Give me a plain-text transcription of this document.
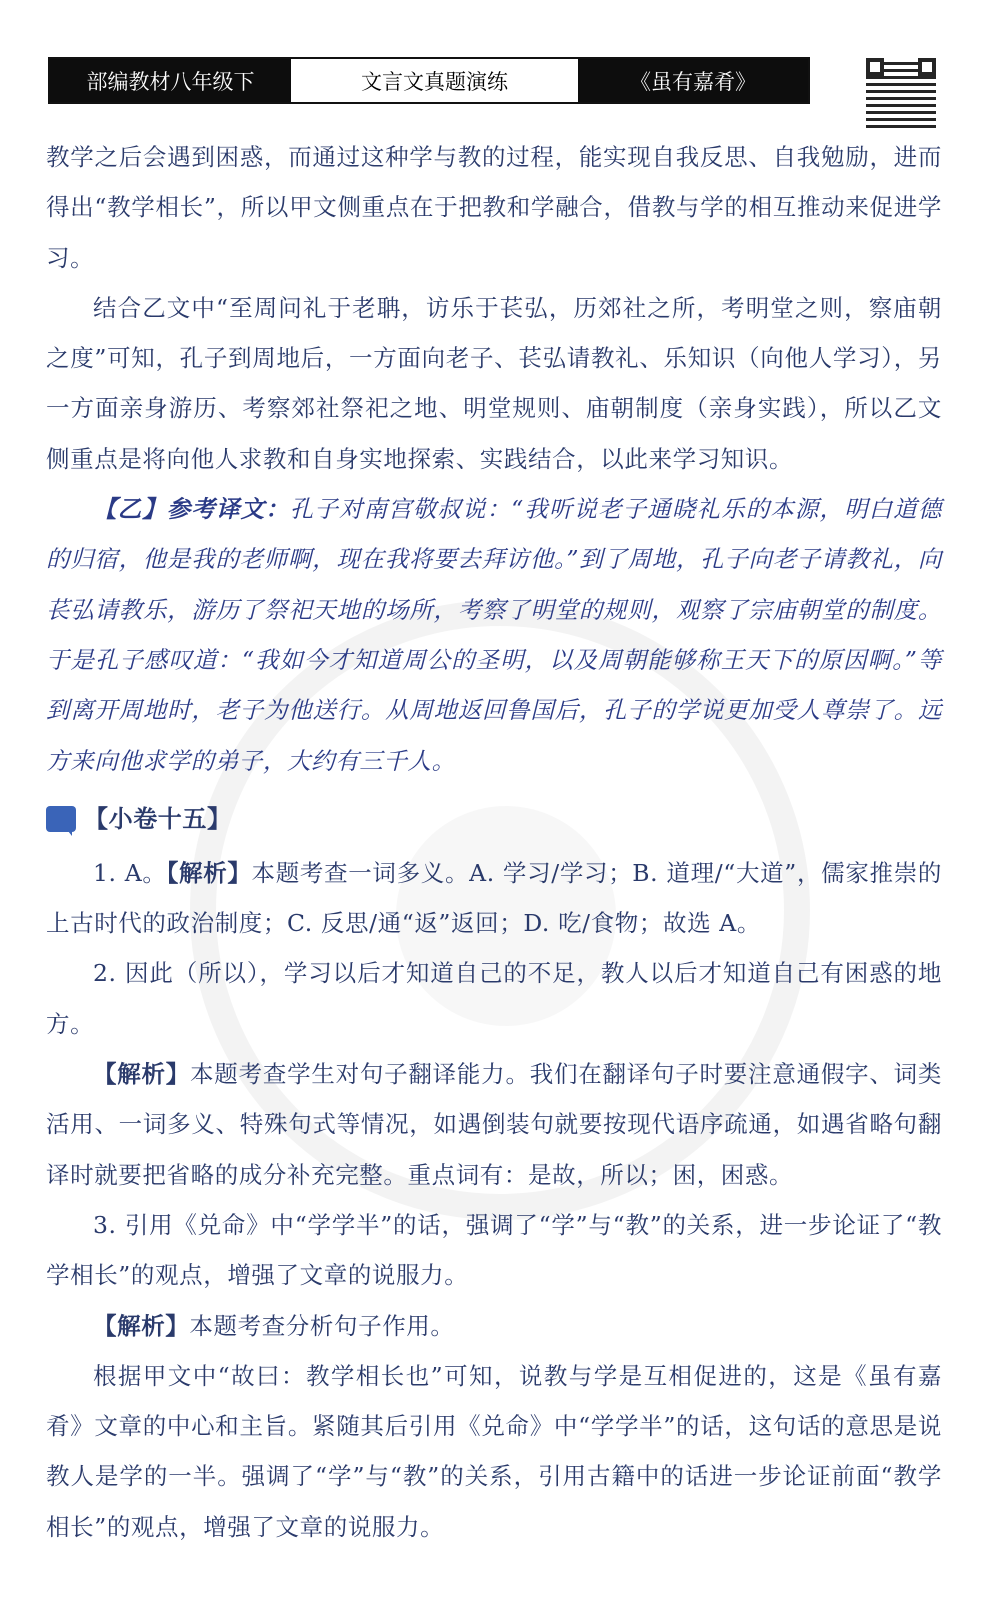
部编教材八年级下	文言文真题演练	《虽有嘉肴》

教学之后会遇到困惑，而通过这种学与教的过程，能实现自我反思、自我勉励，进而得出“教学相长”，所以甲文侧重点在于把教和学融合，借教与学的相互推动来促进学习。

结合乙文中“至周问礼于老聃，访乐于苌弘，历郊社之所，考明堂之则，察庙朝之度”可知，孔子到周地后，一方面向老子、苌弘请教礼、乐知识（向他人学习），另一方面亲身游历、考察郊社祭祀之地、明堂规则、庙朝制度（亲身实践），所以乙文侧重点是将向他人求教和自身实地探索、实践结合，以此来学习知识。

【乙】参考译文：孔子对南宫敬叔说：“我听说老子通晓礼乐的本源，明白道德的归宿，他是我的老师啊，现在我将要去拜访他。”到了周地，孔子向老子请教礼，向苌弘请教乐，游历了祭祀天地的场所，考察了明堂的规则，观察了宗庙朝堂的制度。于是孔子感叹道：“我如今才知道周公的圣明，以及周朝能够称王天下的原因啊。”等到离开周地时，老子为他送行。从周地返回鲁国后，孔子的学说更加受人尊崇了。远方来向他求学的弟子，大约有三千人。

【小卷十五】

1. A。【解析】本题考查一词多义。A. 学习/学习；B. 道理/“大道”，儒家推崇的上古时代的政治制度；C. 反思/通“返”返回；D. 吃/食物；故选 A。

2. 因此（所以），学习以后才知道自己的不足，教人以后才知道自己有困惑的地方。

【解析】本题考查学生对句子翻译能力。我们在翻译句子时要注意通假字、词类活用、一词多义、特殊句式等情况，如遇倒装句就要按现代语序疏通，如遇省略句翻译时就要把省略的成分补充完整。重点词有：是故，所以；困，困惑。

3. 引用《兑命》中“学学半”的话，强调了“学”与“教”的关系，进一步论证了“教学相长”的观点，增强了文章的说服力。

【解析】本题考查分析句子作用。

根据甲文中“故曰：教学相长也”可知，说教与学是互相促进的，这是《虽有嘉肴》文章的中心和主旨。紧随其后引用《兑命》中“学学半”的话，这句话的意思是说教人是学的一半。强调了“学”与“教”的关系，引用古籍中的话进一步论证前面“教学相长”的观点，增强了文章的说服力。
